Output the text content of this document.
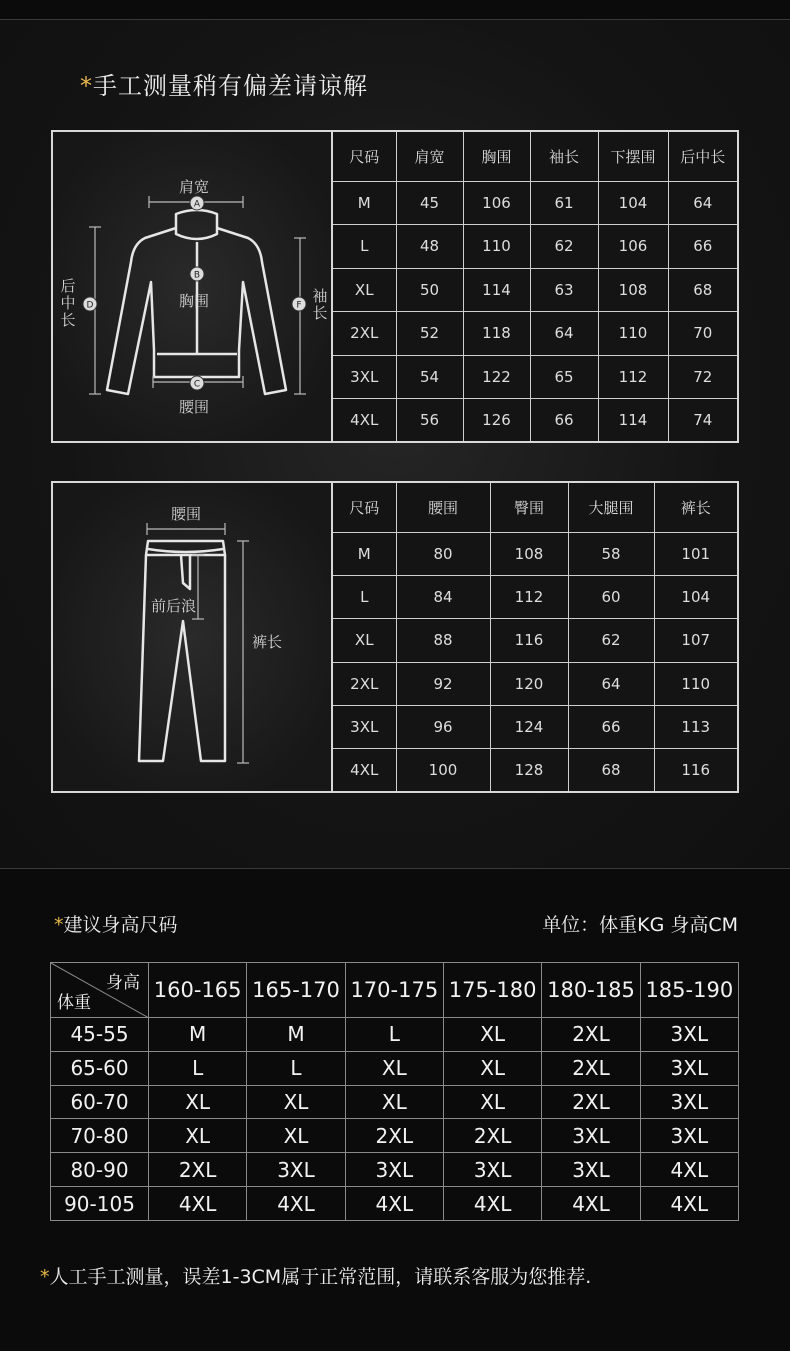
*手工测量稍有偏差请谅解
A
B
C
D	F
肩宽
胸围
腰围
后中长
袖长
尺码	肩宽	胸围	袖长	下摆围	后中长
M	45	106	61	104	64
L	48	110	62	106	66
XL	50	114	63	108	68
2XL	52	118	64	110	70
3XL	54	122	65	112	72
4XL	56	126	66	114	74
腰围
前后浪
裤长
尺码	腰围	臀围	大腿围	裤长
M	80	108	58	101
L	84	112	60	104
XL	88	116	62	107
2XL	92	120	64	110
3XL	96	124	66	113
4XL	100	128	68	116
*建议身高尺码	单位：体重KG 身高CM
身高
体重	160-165	165-170	170-175	175-180	180-185	185-190
45-55	M	M	L	XL	2XL	3XL
65-60	L	L	XL	XL	2XL	3XL
60-70	XL	XL	XL	XL	2XL	3XL
70-80	XL	XL	2XL	2XL	3XL	3XL
80-90	2XL	3XL	3XL	3XL	3XL	4XL
90-105	4XL	4XL	4XL	4XL	4XL	4XL
*人工手工测量，误差1-3CM属于正常范围，请联系客服为您推荐.
